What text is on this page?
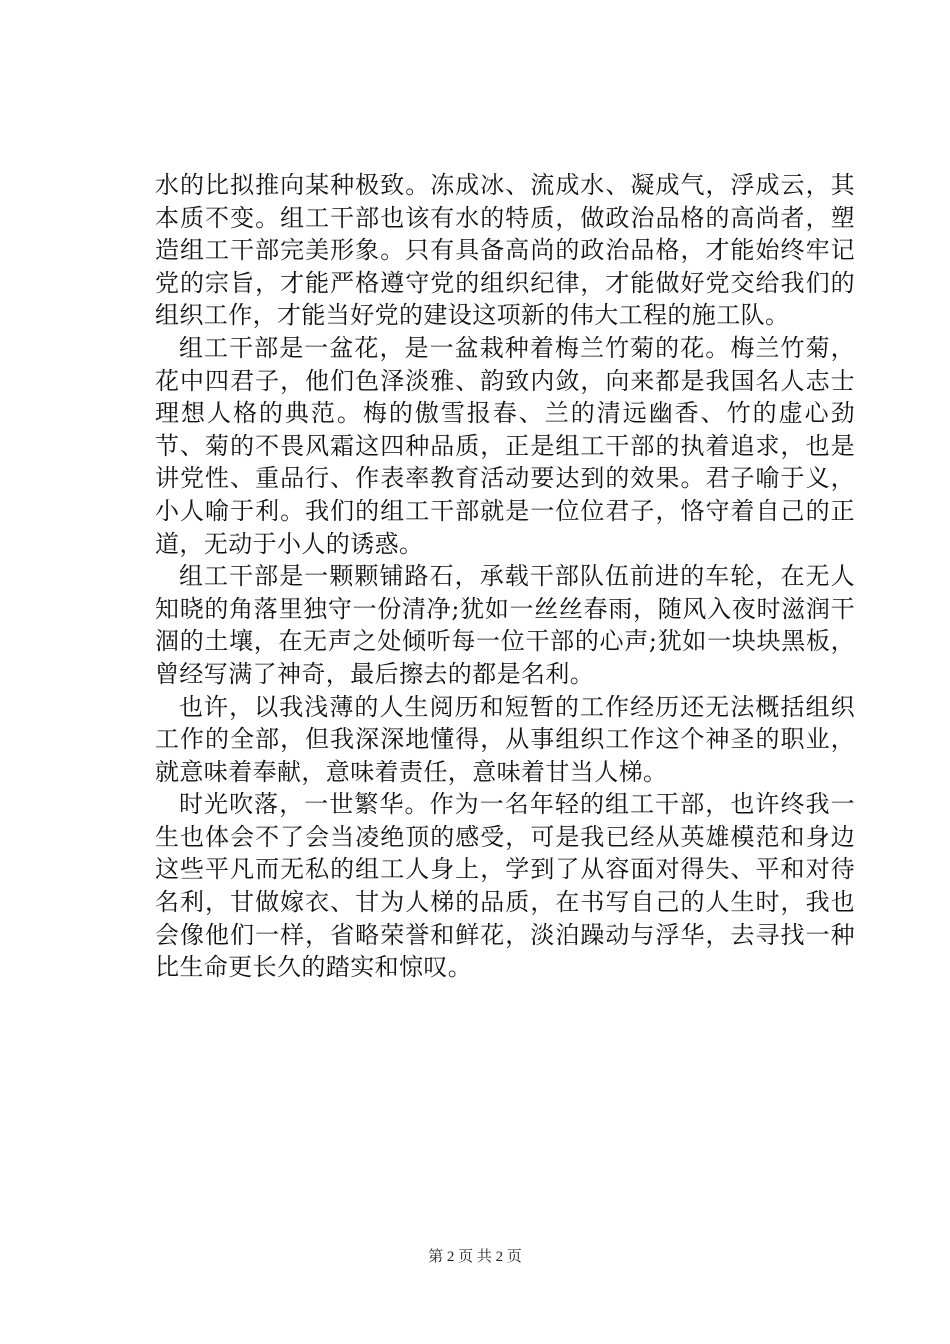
水的比拟推向某种极致。冻成冰、流成水、凝成气，浮成云，其本质不变。组工干部也该有水的特质，做政治品格的高尚者，塑造组工干部完美形象。只有具备高尚的政治品格，才能始终牢记党的宗旨，才能严格遵守党的组织纪律，才能做好党交给我们的组织工作，才能当好党的建设这项新的伟大工程的施工队。

组工干部是一盆花，是一盆栽种着梅兰竹菊的花。梅兰竹菊，花中四君子，他们色泽淡雅、韵致内敛，向来都是我国名人志士理想人格的典范。梅的傲雪报春、兰的清远幽香、竹的虚心劲节、菊的不畏风霜这四种品质，正是组工干部的执着追求，也是讲党性、重品行、作表率教育活动要达到的效果。君子喻于义，小人喻于利。我们的组工干部就是一位位君子，恪守着自己的正道，无动于小人的诱惑。

组工干部是一颗颗铺路石，承载干部队伍前进的车轮，在无人知晓的角落里独守一份清净;犹如一丝丝春雨，随风入夜时滋润干涸的土壤，在无声之处倾听每一位干部的心声;犹如一块块黑板，曾经写满了神奇，最后擦去的都是名利。

也许，以我浅薄的人生阅历和短暂的工作经历还无法概括组织工作的全部，但我深深地懂得，从事组织工作这个神圣的职业，就意味着奉献，意味着责任，意味着甘当人梯。

时光吹落，一世繁华。作为一名年轻的组工干部，也许终我一生也体会不了会当凌绝顶的感受，可是我已经从英雄模范和身边这些平凡而无私的组工人身上，学到了从容面对得失、平和对待名利，甘做嫁衣、甘为人梯的品质，在书写自己的人生时，我也会像他们一样，省略荣誉和鲜花，淡泊躁动与浮华，去寻找一种比生命更长久的踏实和惊叹。

第 2 页 共 2 页
